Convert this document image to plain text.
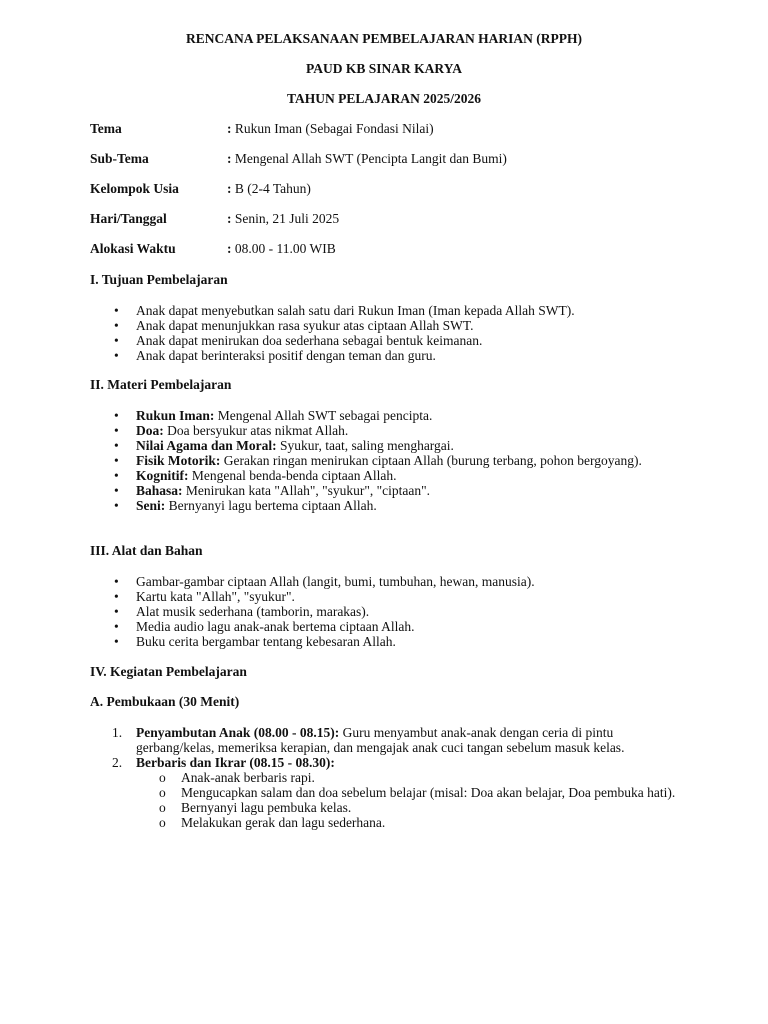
RENCANA PELAKSANAAN PEMBELAJARAN HARIAN (RPPH)
PAUD KB SINAR KARYA
TAHUN PELAJARAN 2025/2026
Tema	: Rukun Iman (Sebagai Fondasi Nilai)
Sub-Tema	: Mengenal Allah SWT (Pencipta Langit dan Bumi)
Kelompok Usia	: B (2-4 Tahun)
Hari/Tanggal	: Senin, 21 Juli 2025
Alokasi Waktu	: 08.00 - 11.00 WIB
I. Tujuan Pembelajaran
• Anak dapat menyebutkan salah satu dari Rukun Iman (Iman kepada Allah SWT).
• Anak dapat menunjukkan rasa syukur atas ciptaan Allah SWT.
• Anak dapat menirukan doa sederhana sebagai bentuk keimanan.
• Anak dapat berinteraksi positif dengan teman dan guru.
II. Materi Pembelajaran
• Rukun Iman: Mengenal Allah SWT sebagai pencipta.
• Doa: Doa bersyukur atas nikmat Allah.
• Nilai Agama dan Moral: Syukur, taat, saling menghargai.
• Fisik Motorik: Gerakan ringan menirukan ciptaan Allah (burung terbang, pohon bergoyang).
• Kognitif: Mengenal benda-benda ciptaan Allah.
• Bahasa: Menirukan kata "Allah", "syukur", "ciptaan".
• Seni: Bernyanyi lagu bertema ciptaan Allah.
III. Alat dan Bahan
• Gambar-gambar ciptaan Allah (langit, bumi, tumbuhan, hewan, manusia).
• Kartu kata "Allah", "syukur".
• Alat musik sederhana (tamborin, marakas).
• Media audio lagu anak-anak bertema ciptaan Allah.
• Buku cerita bergambar tentang kebesaran Allah.
IV. Kegiatan Pembelajaran
A. Pembukaan (30 Menit)
1. Penyambutan Anak (08.00 - 08.15): Guru menyambut anak-anak dengan ceria di pintu gerbang/kelas, memeriksa kerapian, dan mengajak anak cuci tangan sebelum masuk kelas.
2. Berbaris dan Ikrar (08.15 - 08.30):
o Anak-anak berbaris rapi.
o Mengucapkan salam dan doa sebelum belajar (misal: Doa akan belajar, Doa pembuka hati).
o Bernyanyi lagu pembuka kelas.
o Melakukan gerak dan lagu sederhana.
